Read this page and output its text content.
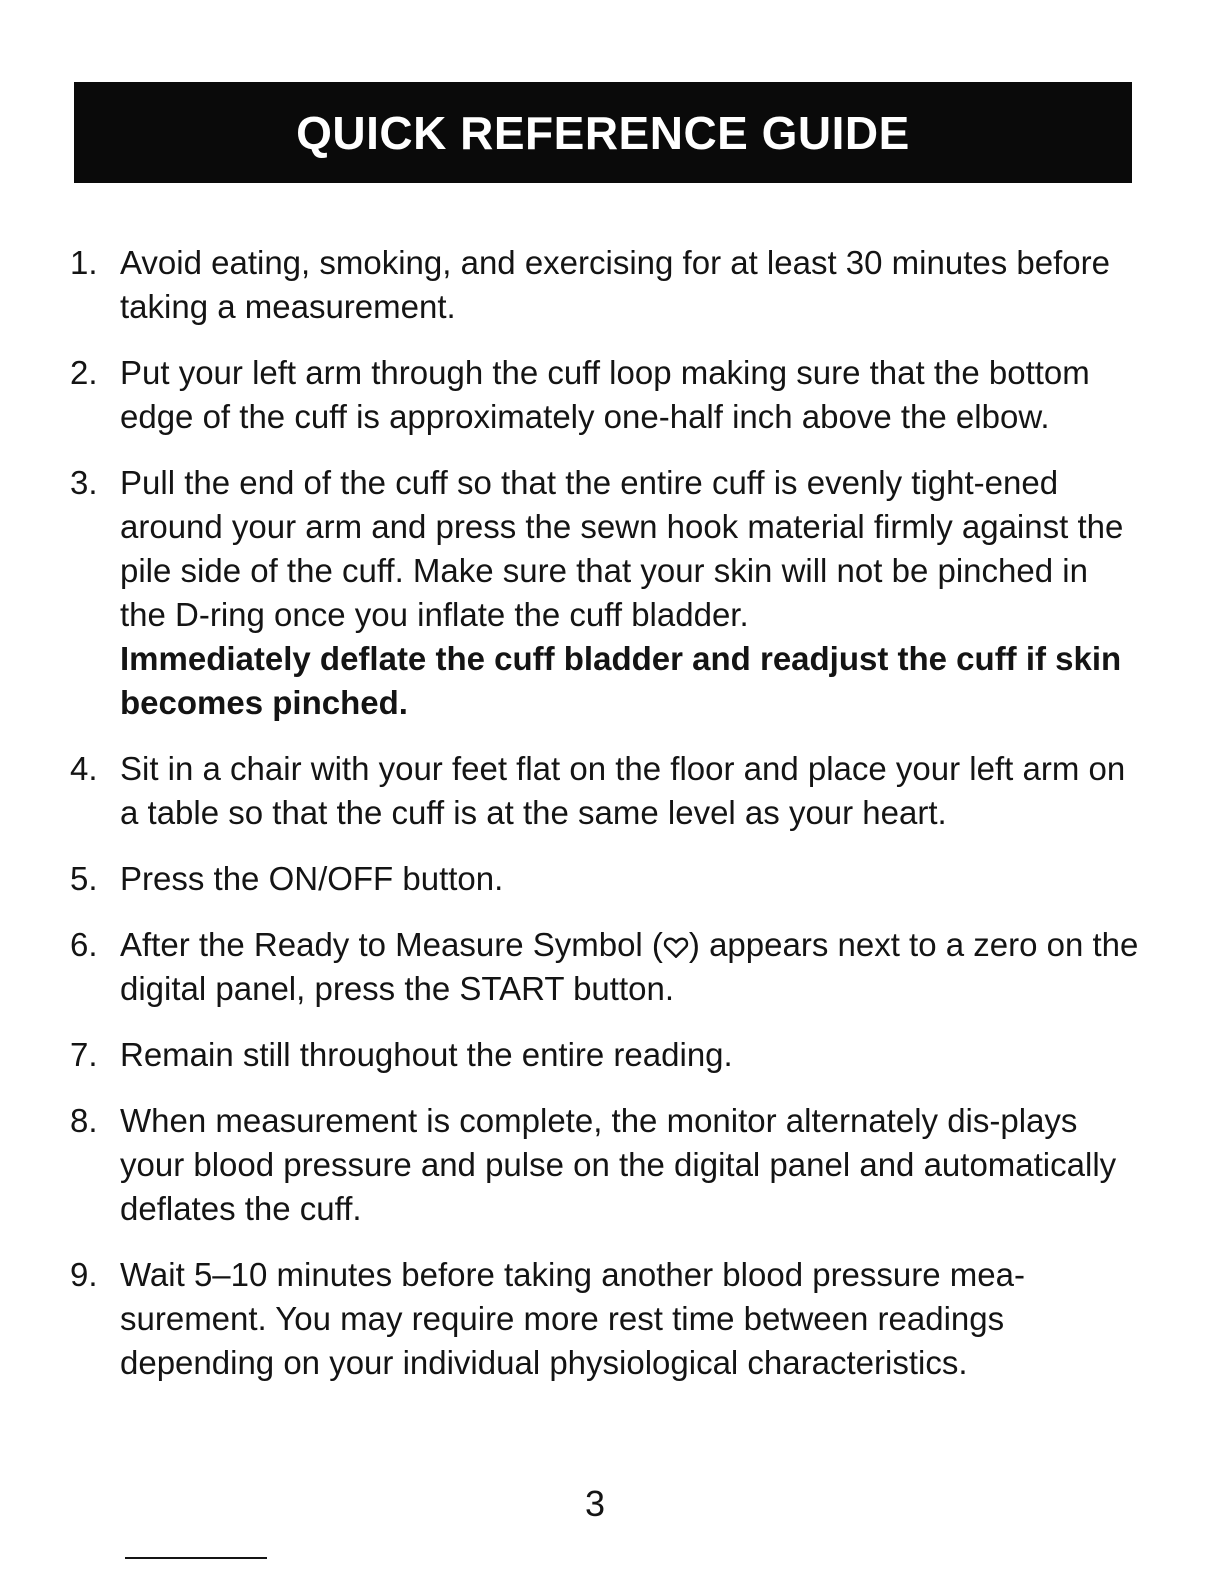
QUICK REFERENCE GUIDE
1. Avoid eating, smoking, and exercising for at least 30 minutes before taking a measurement.
2. Put your left arm through the cuff loop making sure that the bottom edge of the cuff is approximately one-half inch above the elbow.
3. Pull the end of the cuff so that the entire cuff is evenly tight-ened around your arm and press the sewn hook material firmly against the pile side of the cuff. Make sure that your skin will not be pinched in the D-ring once you inflate the cuff bladder.
Immediately deflate the cuff bladder and readjust the cuff if skin becomes pinched.
4. Sit in a chair with your feet flat on the floor and place your left arm on a table so that the cuff is at the same level as your heart.
5. Press the ON/OFF button.
6. After the Ready to Measure Symbol ( ) appears next to a zero on the digital panel, press the START button.
7. Remain still throughout the entire reading.
8. When measurement is complete, the monitor alternately dis-plays your blood pressure and pulse on the digital panel and automatically deflates the cuff.
9. Wait 5–10 minutes before taking another blood pressure mea-surement. You may require more rest time between readings depending on your individual physiological characteristics.
3
